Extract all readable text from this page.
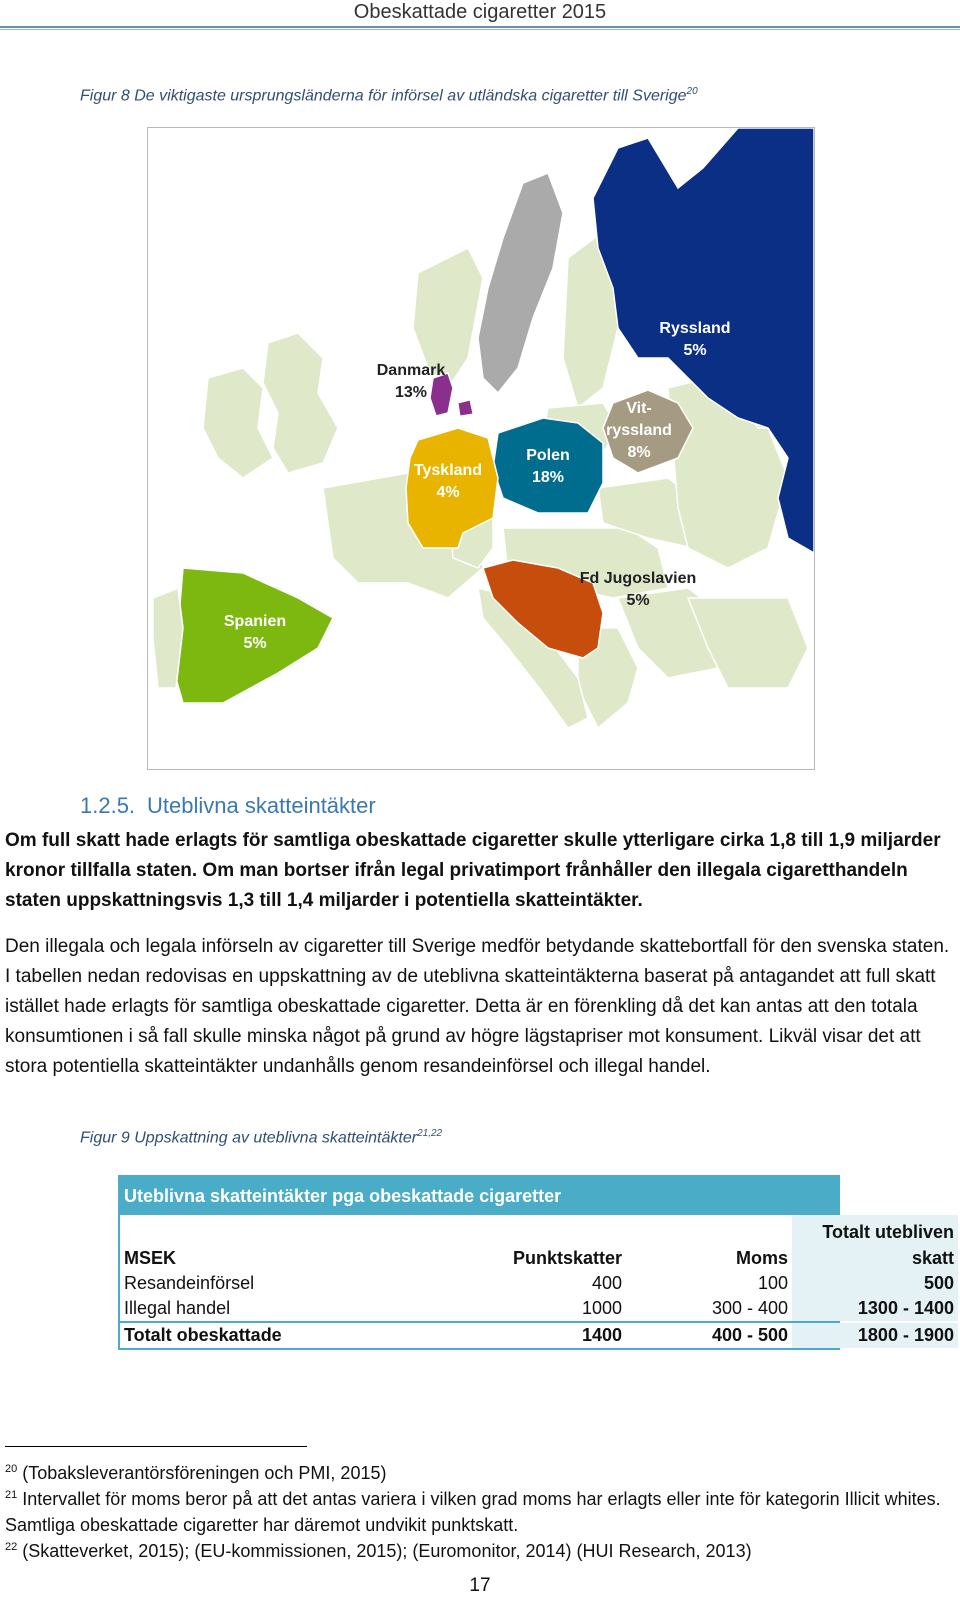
Obeskattade cigaretter 2015
Figur 8 De viktigaste ursprungsländerna för införsel av utländska cigaretter till Sverige$^{20}$
Danmark
13%
Tyskland
4%
Polen
18%
Vit-
ryssland
8%
Ryssland
5%
Fd Jugoslavien
5%
Spanien
5%
1.2.5. Uteblivna skatteintäkter
Om full skatt hade erlagts för samtliga obeskattade cigaretter skulle ytterligare cirka 1,8 till 1,9 miljarder kronor tillfalla staten. Om man bortser ifrån legal privatimport frånhåller den illegala cigaretthandeln staten uppskattningsvis 1,3 till 1,4 miljarder i potentiella skatteintäkter.
Den illegala och legala införseln av cigaretter till Sverige medför betydande skattebortfall för den svenska staten. I tabellen nedan redovisas en uppskattning av de uteblivna skatteintäkterna baserat på antagandet att full skatt istället hade erlagts för samtliga obeskattade cigaretter. Detta är en förenkling då det kan antas att den totala konsumtionen i så fall skulle minska något på grund av högre lägstapriser mot konsument. Likväl visar det att stora potentiella skatteintäkter undanhålls genom resandeinförsel och illegal handel.
Figur 9 Uppskattning av uteblivna skatteintäkter$^{21,22}$
Uteblivna skatteintäkter pga obeskattade cigaretter
MSEK	Punktskatter	Moms
Totalt utebliven
skatt
Resandeinförsel	400	100	500
Illegal handel	1000	300 - 400	1300 - 1400
Totalt obeskattade	1400	400 - 500	1800 - 1900
$^{20}$ (Tobaksleverantörsföreningen och PMI, 2015)
$^{21}$ Intervallet för moms beror på att det antas variera i vilken grad moms har erlagts eller inte för kategorin Illicit whites. Samtliga obeskattade cigaretter har däremot undvikit punktskatt.
$^{22}$ (Skatteverket, 2015); (EU-kommissionen, 2015); (Euromonitor, 2014) (HUI Research, 2013)
17
